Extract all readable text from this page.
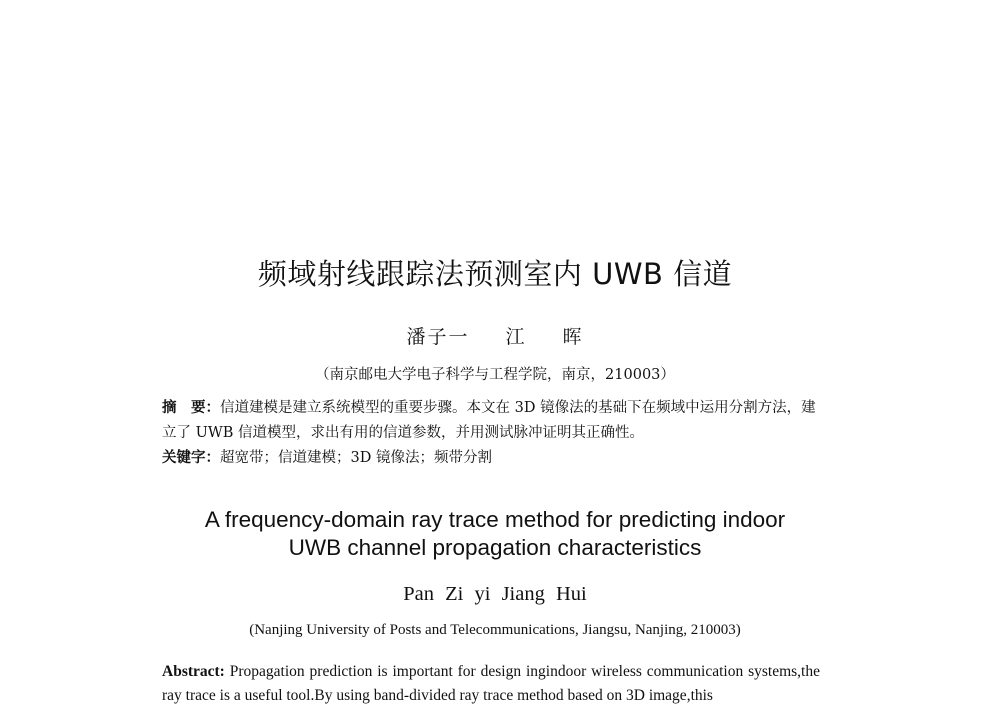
频域射线跟踪法预测室内 UWB 信道
潘子一 江 晖
（南京邮电大学电子科学与工程学院，南京，210003）

摘　要：信道建模是建立系统模型的重要步骤。本文在 3D 镜像法的基础下在频域中运用分割方法，建立了 UWB 信道模型，求出有用的信道参数，并用测试脉冲证明其正确性。

关键字：超宽带；信道建模；3D 镜像法；频带分割

A frequency-domain ray trace method for predicting indoor
UWB channel propagation characteristics
Pan Zi yi Jiang Hui
(Nanjing University of Posts and Telecommunications, Jiangsu, Nanjing, 210003)
Abstract: Propagation prediction is important for design ingindoor wireless communication systems,the ray trace is a useful tool.By using band-divided ray trace method based on 3D image,this
